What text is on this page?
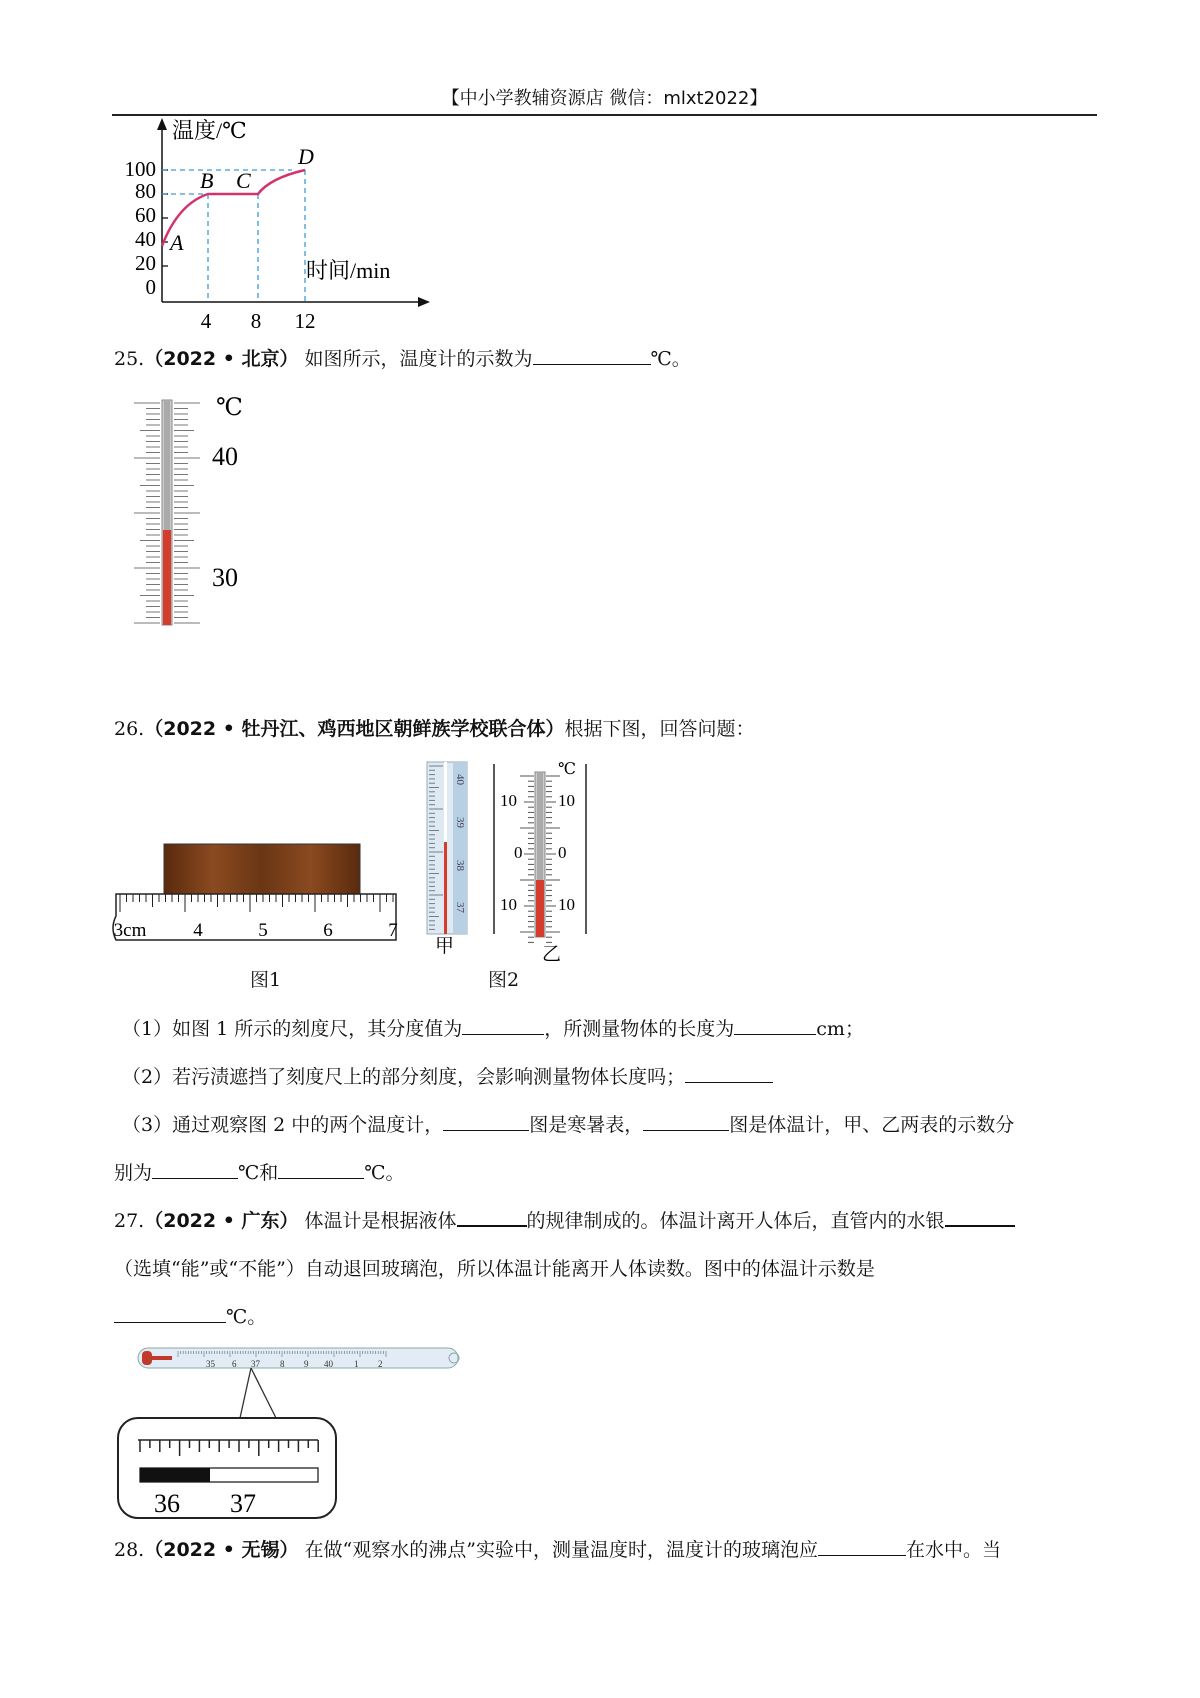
【中小学教辅资源店 微信：mlxt2022】
温度/℃
时间/min
100
80
60
40
20
0
A
B C
D
4 8 12
25.（2022 • 北京） 如图所示，温度计的示数为	℃。
℃
40
30
26.（2022 • 牡丹江、鸡西地区朝鲜族学校联合体）根据下图，回答问题：
3cm 4	5	6	7
图1
40
39
38
37
甲
℃
10
0
10
10
0
10
乙
图2
（1）如图 1 所示的刻度尺，其分度值为	，所测量物体的长度为	cm；
（2）若污渍遮挡了刻度尺上的部分刻度，会影响测量物体长度吗；
（3）通过观察图 2 中的两个温度计，	图是寒暑表，	图是体温计，甲、乙两表的示数分
别为	℃和	℃。
27.（2022 • 广东） 体温计是根据液体	的规律制成的。体温计离开人体后，直管内的水银
（选填“能”或“不能”）自动退回玻璃泡，所以体温计能离开人体读数。图中的体温计示数是
℃。
35 6 37 8 9 40 1 2
36 37
28.（2022 • 无锡） 在做“观察水的沸点”实验中，测量温度时，温度计的玻璃泡应	在水中。当
